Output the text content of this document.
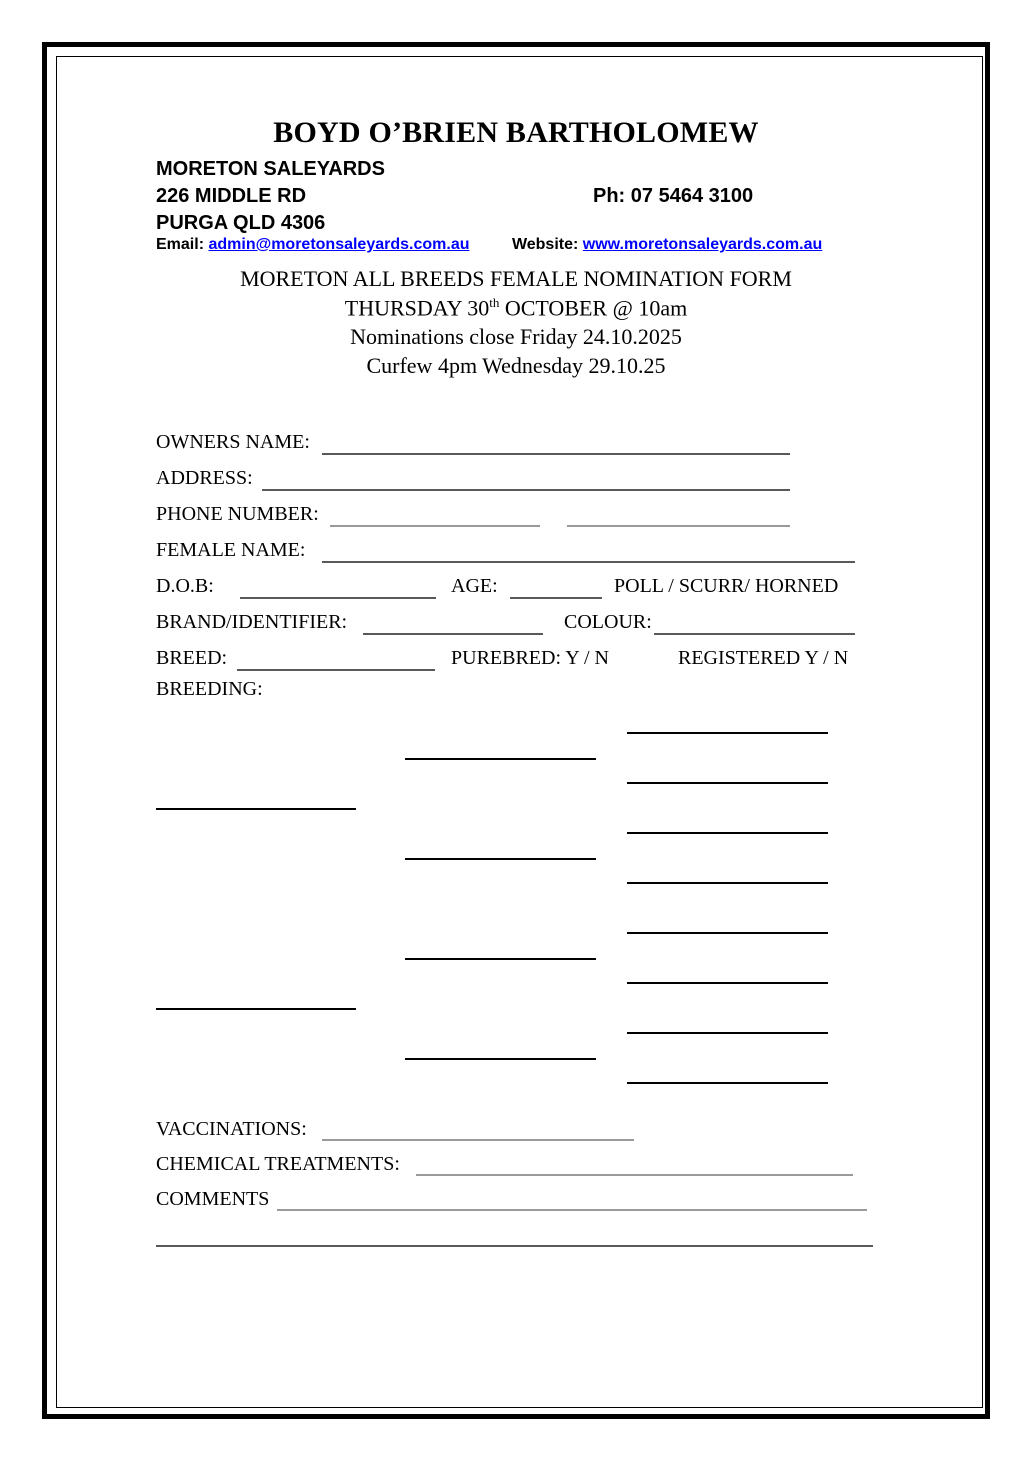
BOYD O’BRIEN BARTHOLOMEW
MORETON SALEYARDS
226 MIDDLE RD	Ph: 07 5464 3100
PURGA QLD 4306
Email: admin@moretonsaleyards.com.au	Website: www.moretonsaleyards.com.au
MORETON ALL BREEDS FEMALE NOMINATION FORM
THURSDAY 30th OCTOBER @ 10am
Nominations close Friday 24.10.2025
Curfew 4pm Wednesday 29.10.25
OWNERS NAME:
ADDRESS:
PHONE NUMBER:
FEMALE NAME:
D.O.B:	AGE:	POLL / SCURR/ HORNED
BRAND/IDENTIFIER:	COLOUR:
BREED:	PUREBRED: Y / N	REGISTERED Y / N
BREEDING:
VACCINATIONS:
CHEMICAL TREATMENTS:
COMMENTS
